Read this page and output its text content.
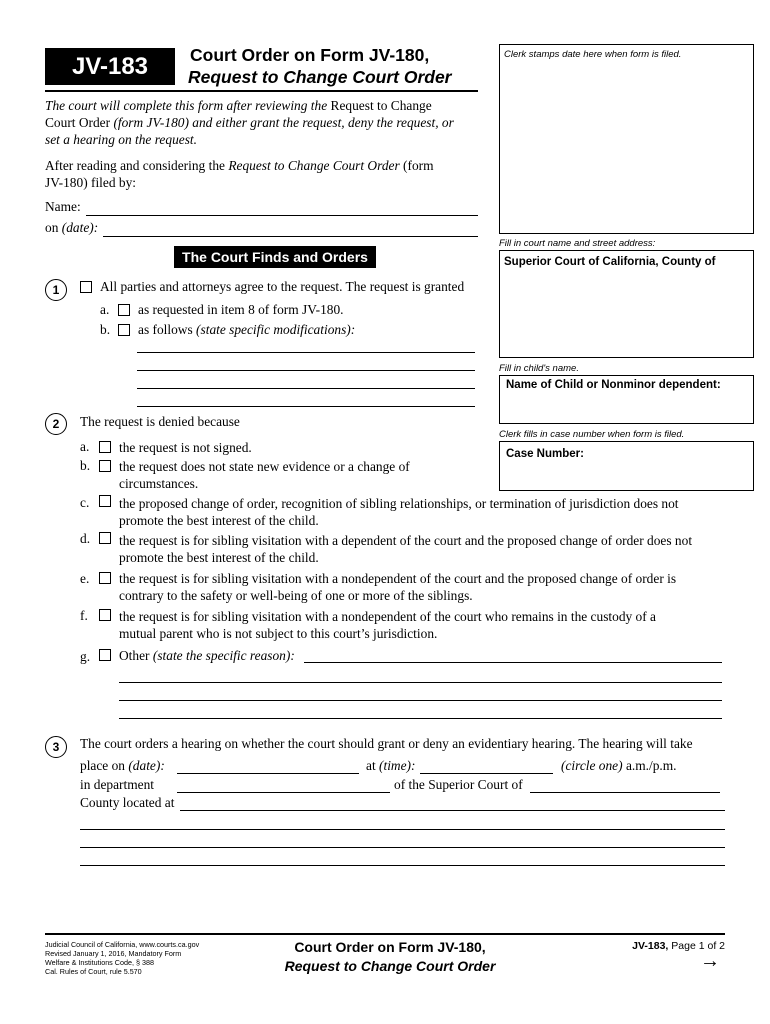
JV-183	Court Order on Form JV-180,
Request to Change Court Order
The court will complete this form after reviewing the Request to Change
Court Order (form JV-180) and either grant the request, deny the request, or
set a hearing on the request.
After reading and considering the Request to Change Court Order (form
JV-180) filed by:
Name:
on (date):
Clerk stamps date here when form is filed.
Fill in court name and street address:
Superior Court of California, County of
Fill in child's name.
Name of Child or Nonminor dependent:
Clerk fills in case number when form is filed.
Case Number:
The Court Finds and Orders
1	All parties and attorneys agree to the request. The request is granted
a. as requested in item 8 of form JV-180.
b. as follows (state specific modifications):
2	The request is denied because
a. the request is not signed.
b. the request does not state new evidence or a change of
circumstances.
c. the proposed change of order, recognition of sibling relationships, or termination of jurisdiction does not
promote the best interest of the child.
d. the request is for sibling visitation with a dependent of the court and the proposed change of order does not
promote the best interest of the child.
e. the request is for sibling visitation with a nondependent of the court and the proposed change of order is
contrary to the safety or well-being of one or more of the siblings.
f. the request is for sibling visitation with a nondependent of the court who remains in the custody of a
mutual parent who is not subject to this court’s jurisdiction.
g. Other (state the specific reason):
3	The court orders a hearing on whether the court should grant or deny an evidentiary hearing. The hearing will take
place on (date):	at (time):	(circle one) a.m./p.m.
in department	of the Superior Court of
County located at
Judicial Council of California, www.courts.ca.gov
Revised January 1, 2016, Mandatory Form
Welfare & Institutions Code, § 388
Cal. Rules of Court, rule 5.570
Court Order on Form JV-180,
Request to Change Court Order
JV-183, Page 1 of 2
→
